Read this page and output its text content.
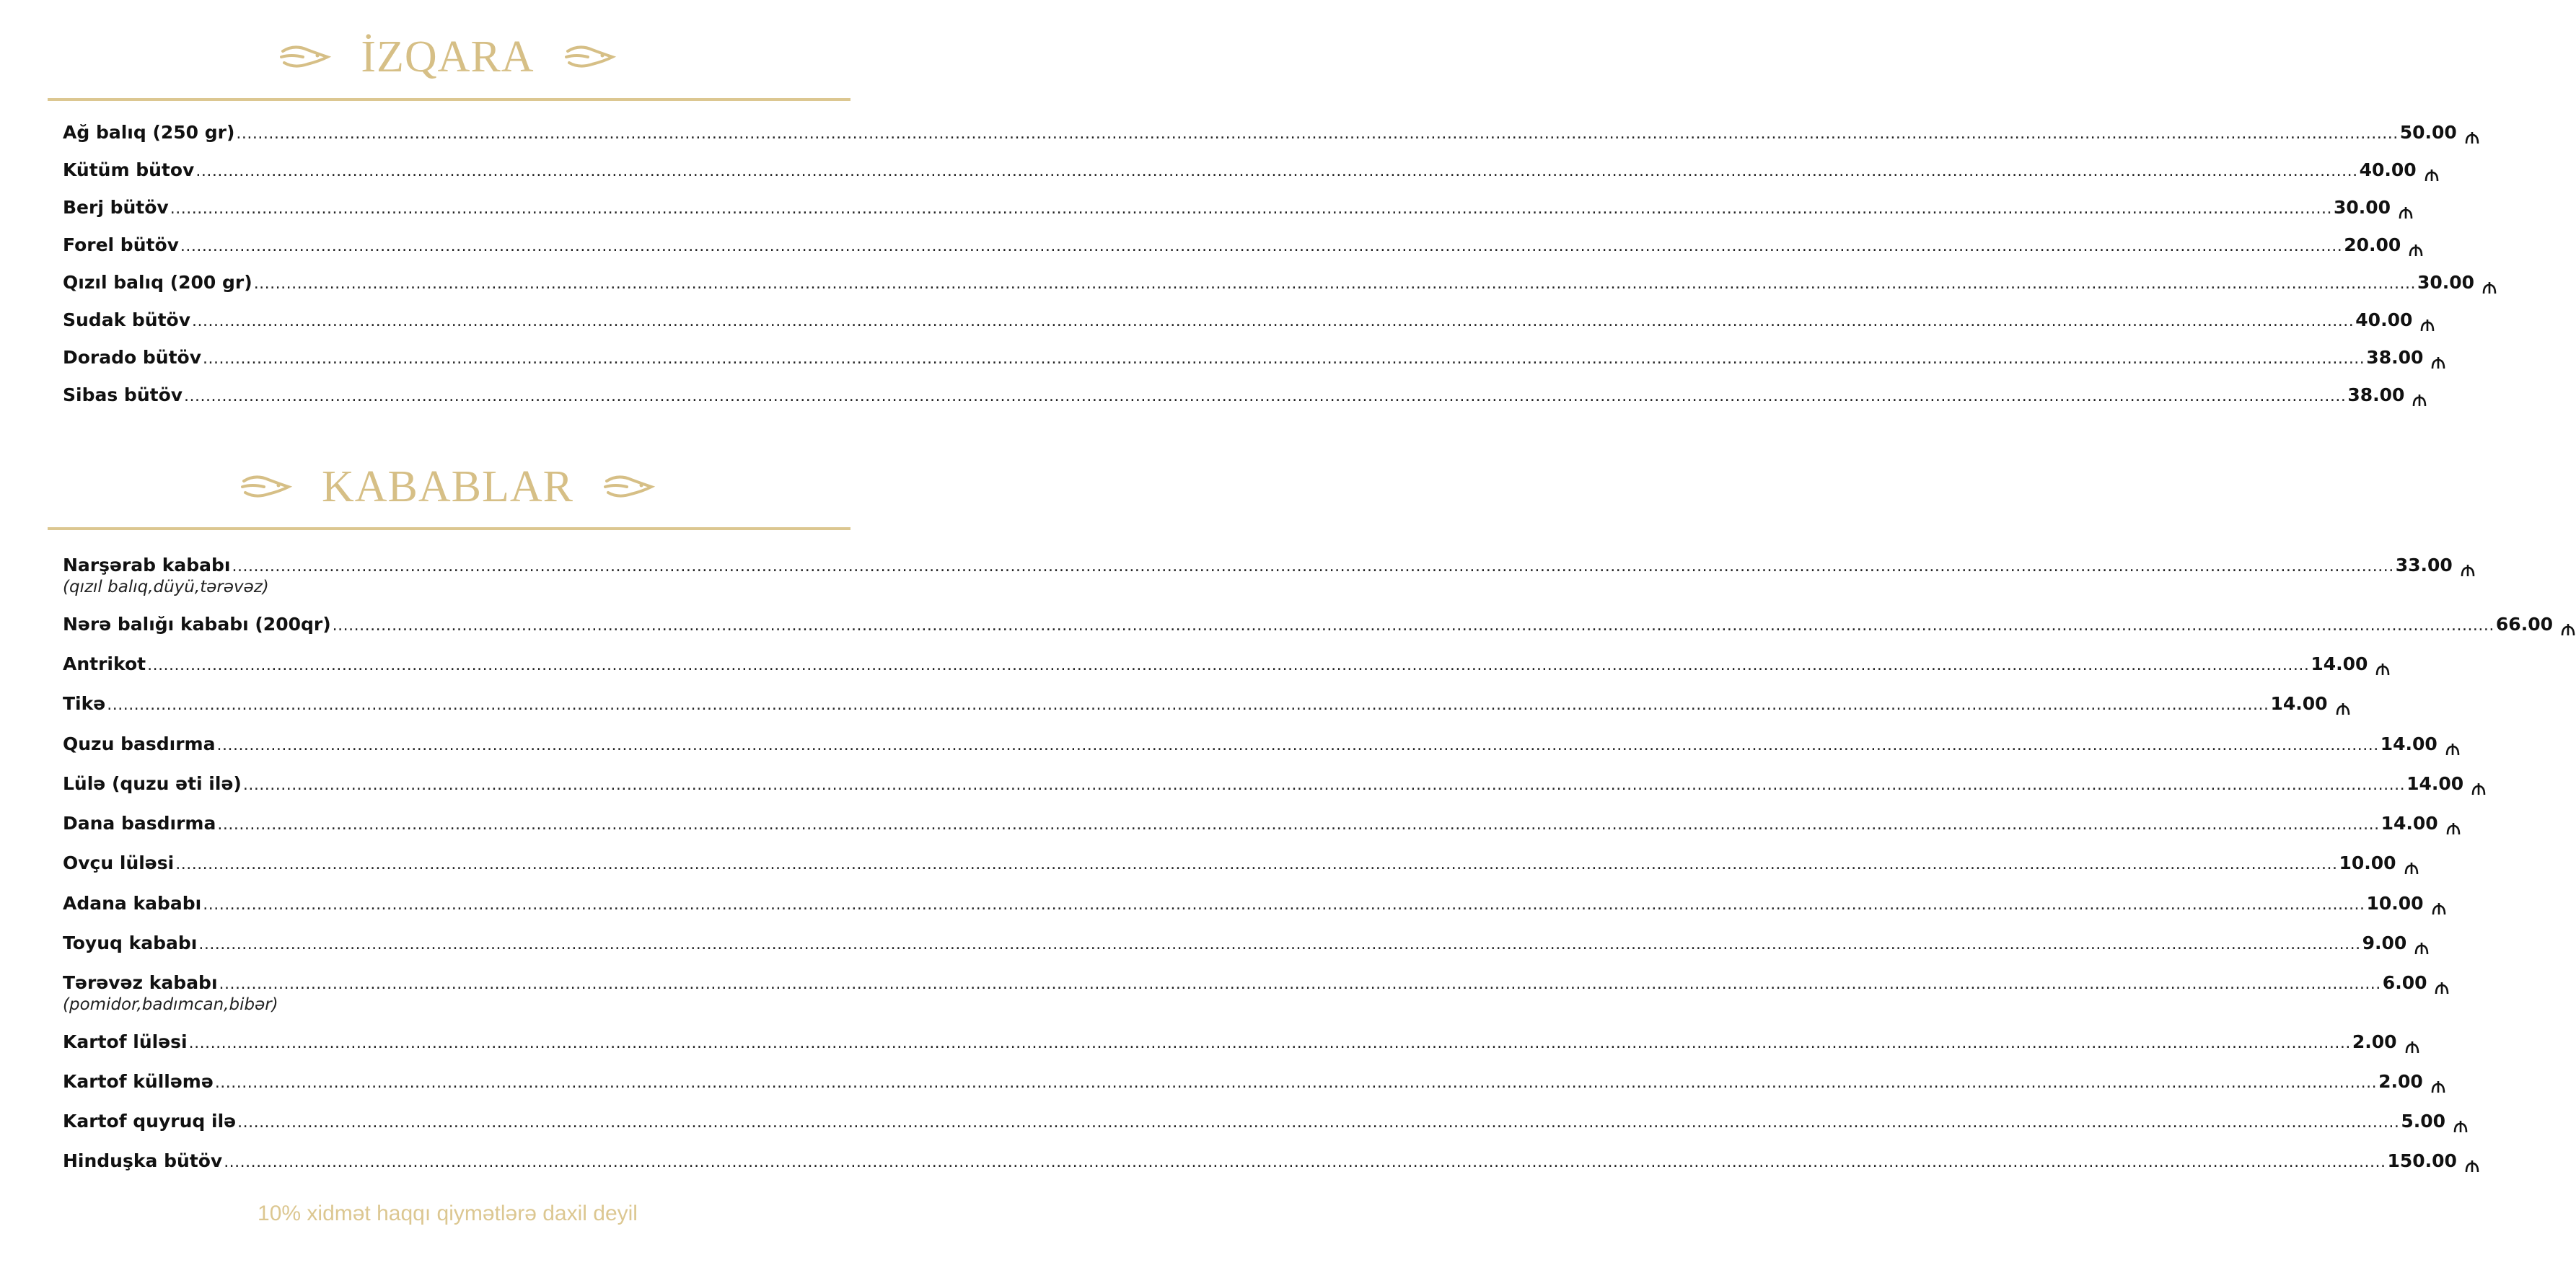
İZQARA
Ağ balıq (250 gr) ................................................................................................................................................................................................................................................................................................................................................................................................................ 50.00
Kütüm bütov ................................................................................................................................................................................................................................................................................................................................................................................................................ 40.00
Berj bütöv ................................................................................................................................................................................................................................................................................................................................................................................................................ 30.00
Forel bütöv ................................................................................................................................................................................................................................................................................................................................................................................................................ 20.00
Qızıl balıq (200 gr) ................................................................................................................................................................................................................................................................................................................................................................................................................ 30.00
Sudak bütöv ................................................................................................................................................................................................................................................................................................................................................................................................................ 40.00
Dorado bütöv ................................................................................................................................................................................................................................................................................................................................................................................................................ 38.00
Sibas bütöv ................................................................................................................................................................................................................................................................................................................................................................................................................ 38.00
KABABLAR
Narşərab kababı ................................................................................................................................................................................................................................................................................................................................................................................................................ 33.00
(qızıl balıq,düyü,tərəvəz)
Nərə balığı kababı (200qr) ................................................................................................................................................................................................................................................................................................................................................................................................................ 66.00
Antrikot ................................................................................................................................................................................................................................................................................................................................................................................................................ 14.00
Tikə ................................................................................................................................................................................................................................................................................................................................................................................................................ 14.00
Quzu basdırma ................................................................................................................................................................................................................................................................................................................................................................................................................ 14.00
Lülə (quzu əti ilə) ................................................................................................................................................................................................................................................................................................................................................................................................................ 14.00
Dana basdırma ................................................................................................................................................................................................................................................................................................................................................................................................................ 14.00
Ovçu lüləsi ................................................................................................................................................................................................................................................................................................................................................................................................................ 10.00
Adana kababı ................................................................................................................................................................................................................................................................................................................................................................................................................ 10.00
Toyuq kababı ................................................................................................................................................................................................................................................................................................................................................................................................................ 9.00
Tərəvəz kababı ................................................................................................................................................................................................................................................................................................................................................................................................................ 6.00
(pomidor,badımcan,bibər)
Kartof lüləsi ................................................................................................................................................................................................................................................................................................................................................................................................................ 2.00
Kartof külləmə ................................................................................................................................................................................................................................................................................................................................................................................................................ 2.00
Kartof quyruq ilə ................................................................................................................................................................................................................................................................................................................................................................................................................ 5.00
Hinduşka bütöv ................................................................................................................................................................................................................................................................................................................................................................................................................ 150.00
10% xidmət haqqı qiymətlərə daxil deyil
